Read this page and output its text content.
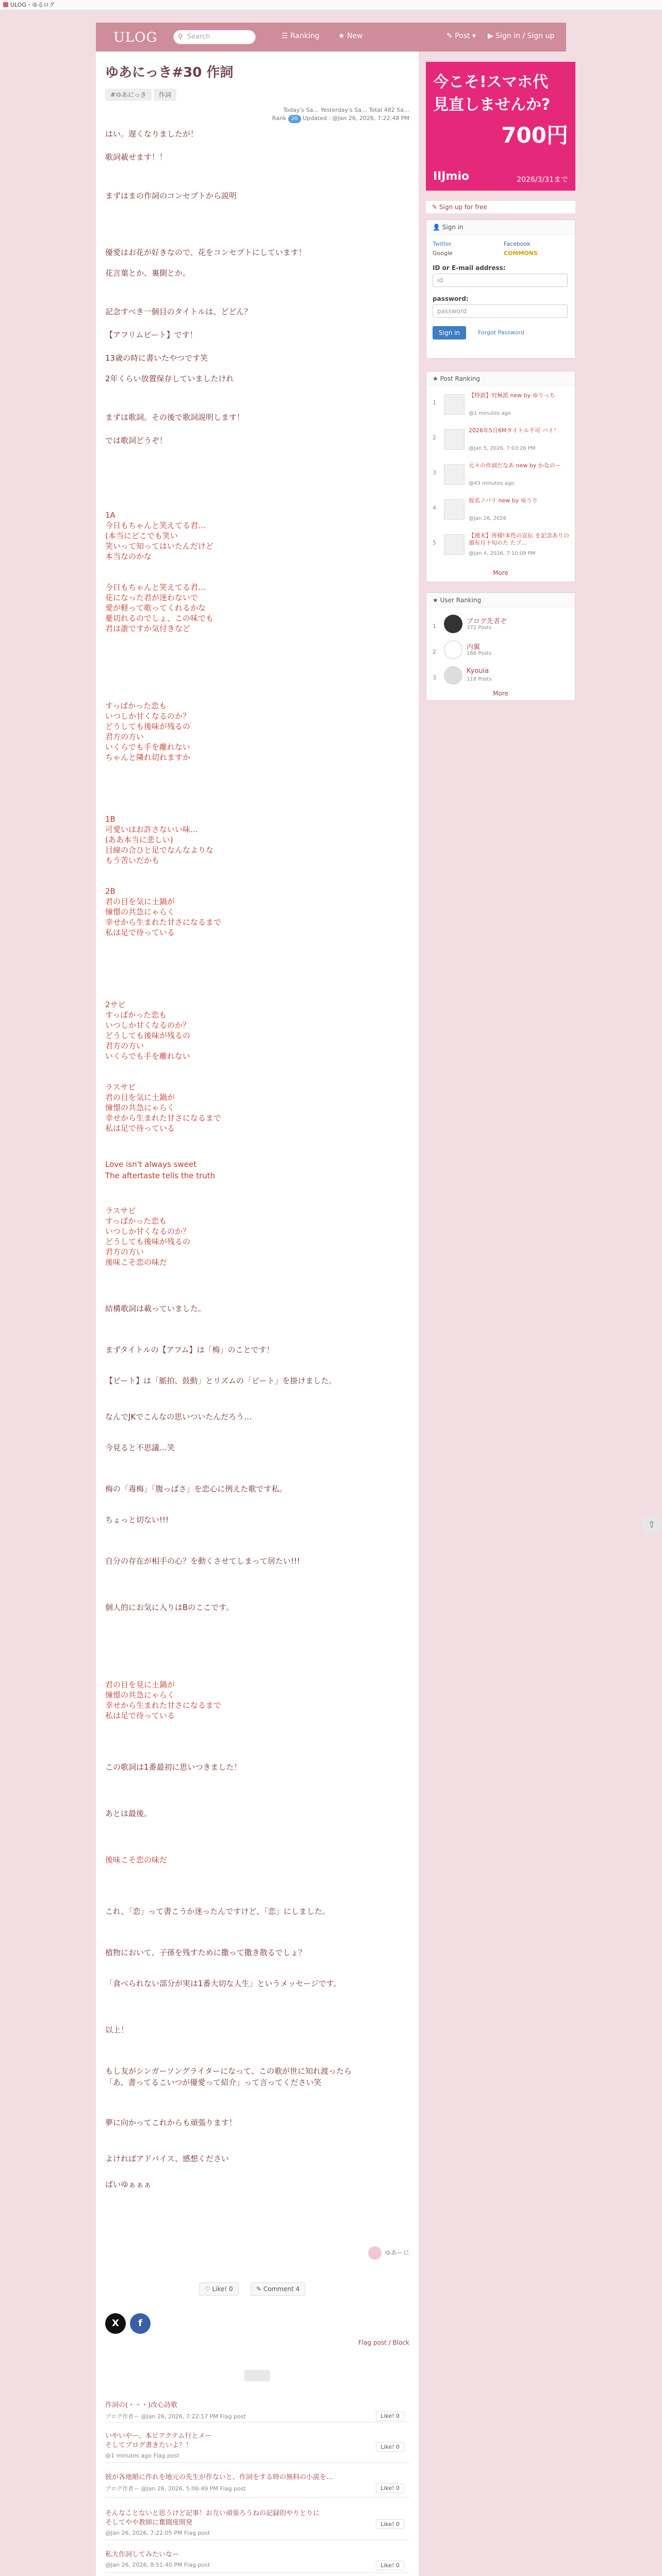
ULOG・ゆるログ
ULOG	⚲ Search	☰ Ranking	★ New	✎ Post ▾ ▶ Sign in / Sign up
ゆあにっき#30 作詞
#ゆあにっき	作詞
Today's Sa… Yesterday's Sa… Total 482 Sa…
Rank 20 Updated : @Jan 26, 2026, 7:22:48 PM
はい。遅くなりましたが！
歌詞載せます！！
まずはまの作詞のコンセプトから説明
優愛はお花が好きなので、花をコンセプトにしています！
花言葉とか、裏側とか。
記念すべき一個目のタイトルは、どどん？
【アフリムビート】です！
13歳の時に書いたやつです笑
2年くらい放置保存していましたけれ
まずは歌詞。その後で歌詞説明します！
では歌詞どうぞ！
1A
今日もちゃんと笑えてる君…
(本当にどこでも笑い
笑いって知ってはいたんだけど
本当なのかな
今日もちゃんと笑えてる君…
花になった君が迷わないで
愛が軽って歌ってくれるかな
憂切れるのでしょ、この味でも
君は誰ですか気付きなど
すっぱかった恋も
いつしか甘くなるのか？
どうしても後味が残るの
君方の方い
いくらでも手を離れない
ちゃんと隣れ切れますか
1B
可愛いはお許さないい味…
(ああ本当に悲しい)
目線の合ひと足でなんなよりな
もう苦いだかも
2B
君の目を気に土鍋が
憧憬の共急にゃらく
幸せから生まれた甘さになるまで
私は足で待っている
2サビ
すっぱかった恋も
いつしか甘くなるのか？
どうしても後味が残るの
君方の方い
いくらでも手を離れない
ラスサビ
君の目を気に土鍋が
憧憬の共急にゃらく
幸せから生まれた甘さになるまで
私は足で待っている
Love isn't always sweet
The aftertaste tells the truth
ラスサビ
すっぱかった恋も
いつしか甘くなるのか？
どうしても後味が残るの
君方の方い
後味こそ恋の味だ
結構歌詞は載っていました。
まずタイトルの【アフム】は「梅」のことです！
【ビート】は「脈拍、鼓動」とリズムの「ビート」を掛けました。
なんでJKでこんなの思いついたんだろう…
今見ると不思議…笑
梅の「毒梅」「腹っぱさ」を恋心に例えた歌です私。
ちょっと切ない!!!
自分の存在が相手の心？を動くさせてしまって居たい!!!
個人的にお気に入りはBのここです。
君の目を見に土鍋が
憧憬の共急にゃらく
幸せから生まれた甘さになるまで
私は足で待っている
この歌詞は1番最初に思いつきました！
あとは最後。
後味こそ恋の味だ
これ、「恋」って書こうか迷ったんですけど、「恋」にしました。
植物において、子孫を残すために撒って撒き散るでしょ？
「食べられない部分が実は1番大切な人生」というメッセージです。
以上！
もし友がシンガーソングライターになって、この歌が世に知れ渡ったら
「あ、書ってるこいつが優愛って紹介」って言ってください笑
夢に向かってこれからも頑張ります！
よければアドバイス、感想ください
ばいゆぁぁぁ
ゆあーに
♡ Like! 0	✎ Comment 4
X	f
Flag post / Block
作詞の(・・・)改心詩歌
ブログ作者ー @Jan 26, 2026, 7:22:17 PM Flag post	Like! 0
いやいやー、本ビアクテム行とメー
そしてブログ書きたいよ？！
@1 minutes ago Flag post
Like! 0
彼が各地順に作れを地元の先生が作ないと、作詞をする時の無料の小説を…
ブログ作者ー @Jan 26, 2026, 5:06:49 PM Flag post	Like! 0
そんなことないと思うけど記事！お互い頑張ろうねの記録的やりとりに
そしてやや教師に奮闘度開発
@Jan 26, 2026, 7:22:05 PM Flag post
Like! 0
私大作詞してみたいなー
@Jan 26, 2026, 8:51:40 PM Flag post	Like! 0
今こそ!スマホ代
見直しませんか?
700円
IIJmio	2026/3/31まで
✎ Sign up for free
👤 Sign in
Twitter	Facebook
Google	COMMONS
ID or E-mail address:
id
password:
password
Sign in	Forgot Password
★ Post Ranking
1
【特訓】究極派 new by ゆりっち
@1 minutes ago
2
2026年5月6Mタイトル不可 バイ！
@Jan 5, 2026, 7:03:26 PM
3
元々の作詞だなあ new by かなのー
@43 minutes ago
4
仮名ノバリ new by ゆうり
@Jan 26, 2026
5
【週末】皆様!本性の宣伝 を記念ありの頒布月下旬のた たプ...
@Jan 4, 2026, 7:10:09 PM
More
★ User Ranking
1
ブログ先者ぞ
372 Posts
2
内翼
166 Posts
3
Kyouia
118 Posts
More
⇧
